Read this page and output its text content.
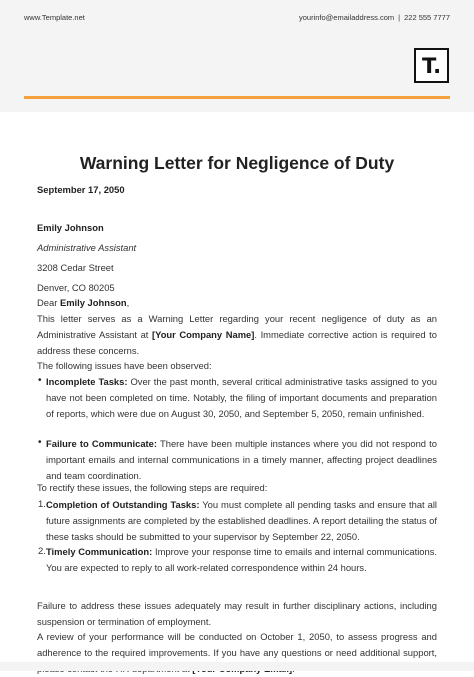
www.Template.net	yourinfo@emailaddress.com | 222 555 7777
T.
Warning Letter for Negligence of Duty
September 17, 2050
Emily Johnson
Administrative Assistant
3208 Cedar Street
Denver, CO 80205
Dear Emily Johnson,
This letter serves as a Warning Letter regarding your recent negligence of duty as an Administrative Assistant at [Your Company Name]. Immediate corrective action is required to address these concerns.
The following issues have been observed:
• Incomplete Tasks: Over the past month, several critical administrative tasks assigned to you have not been completed on time. Notably, the filing of important documents and preparation of reports, which were due on August 30, 2050, and September 5, 2050, remain unfinished.
• Failure to Communicate: There have been multiple instances where you did not respond to important emails and internal communications in a timely manner, affecting project deadlines and team coordination.
To rectify these issues, the following steps are required:
1. Completion of Outstanding Tasks: You must complete all pending tasks and ensure that all future assignments are completed by the established deadlines. A report detailing the status of these tasks should be submitted to your supervisor by September 22, 2050.
2. Timely Communication: Improve your response time to emails and internal communications. You are expected to reply to all work-related correspondence within 24 hours.
Failure to address these issues adequately may result in further disciplinary actions, including suspension or termination of employment.
A review of your performance will be conducted on October 1, 2050, to assess progress and adherence to the required improvements. If you have any questions or need additional support,
